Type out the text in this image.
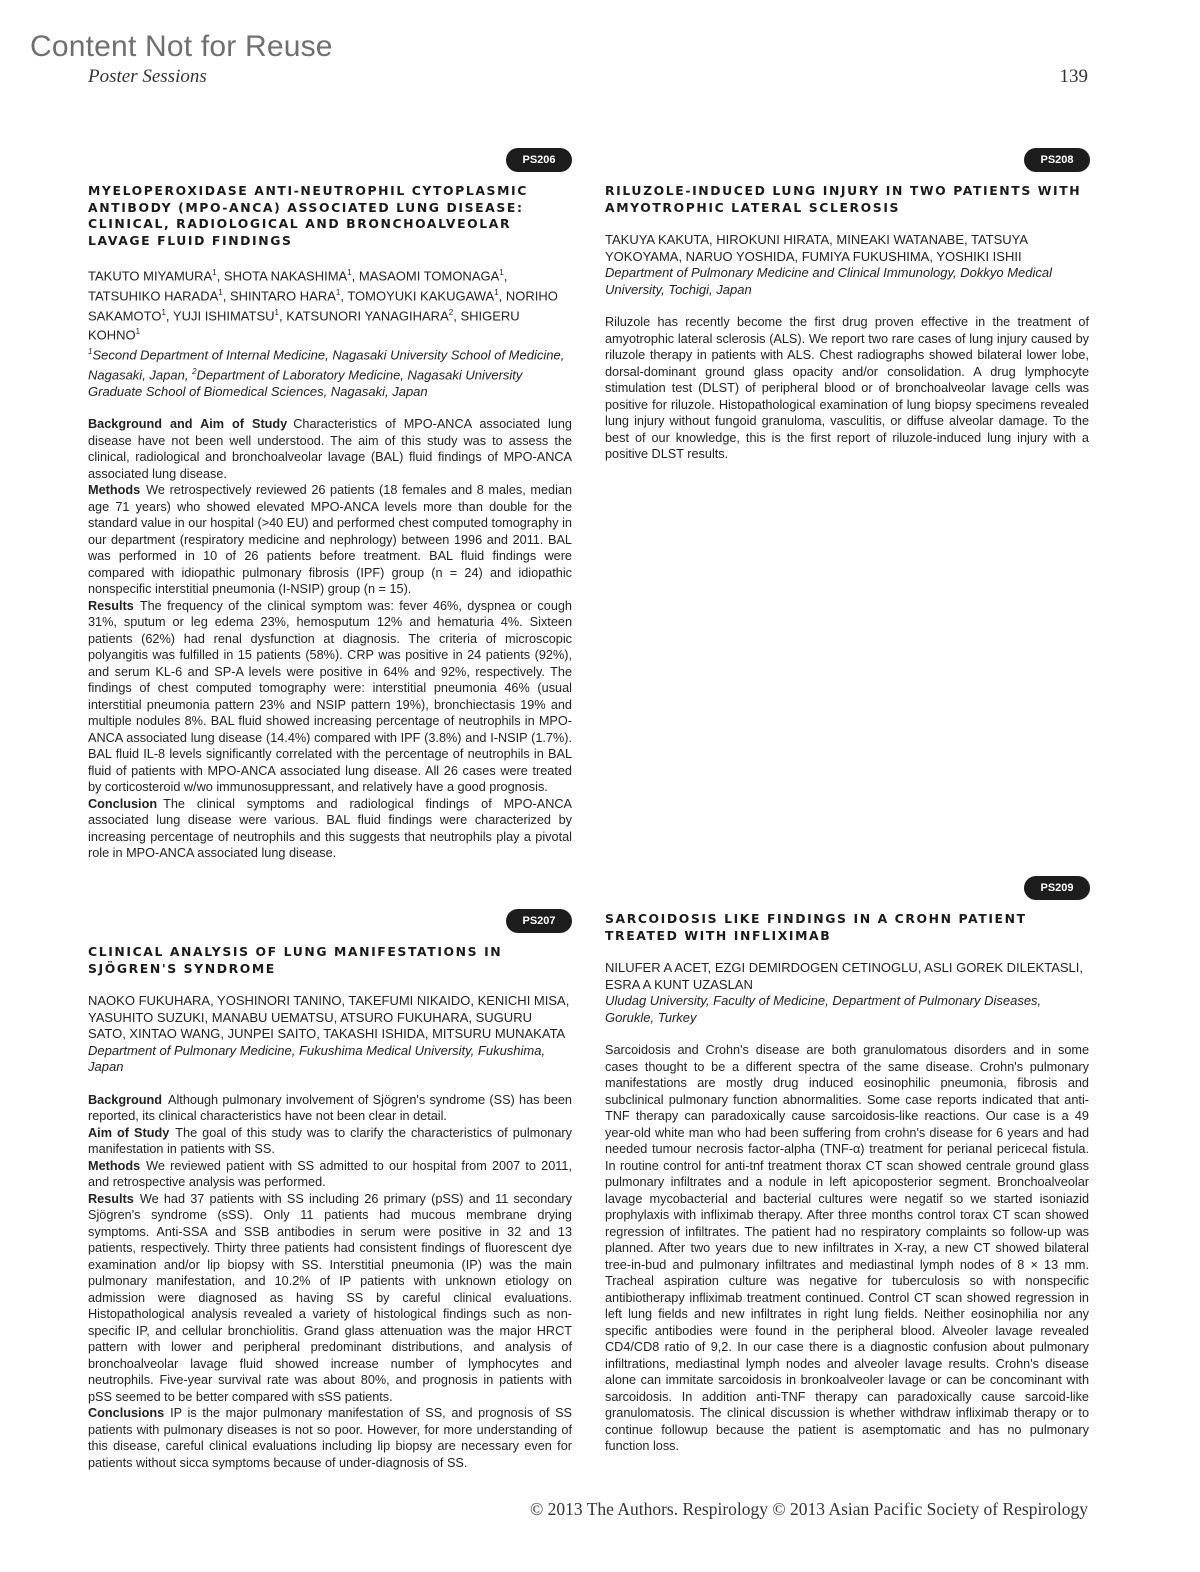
Content Not for Reuse
Poster Sessions	139
PS206
MYELOPEROXIDASE ANTI-NEUTROPHIL CYTOPLASMIC
ANTIBODY (MPO-ANCA) ASSOCIATED LUNG DISEASE:
CLINICAL, RADIOLOGICAL AND BRONCHOALVEOLAR
LAVAGE FLUID FINDINGS
TAKUTO MIYAMURA$^1$, SHOTA NAKASHIMA$^1$, MASAOMI TOMONAGA$^1$, TATSUHIKO HARADA$^1$, SHINTARO HARA$^1$, TOMOYUKI KAKUGAWA$^1$, NORIHO SAKAMOTO$^1$, YUJI ISHIMATSU$^1$, KATSUNORI YANAGIHARA$^2$, SHIGERU KOHNO$^1$
$^1$Second Department of Internal Medicine, Nagasaki University School of Medicine, Nagasaki, Japan, $^2$Department of Laboratory Medicine, Nagasaki University Graduate School of Biomedical Sciences, Nagasaki, Japan

Background and Aim of Study Characteristics of MPO-ANCA associated lung disease have not been well understood. The aim of this study was to assess the clinical, radiological and bronchoalveolar lavage (BAL) fluid findings of MPO-ANCA associated lung disease.

Methods We retrospectively reviewed 26 patients (18 females and 8 males, median age 71 years) who showed elevated MPO-ANCA levels more than double for the standard value in our hospital (>40 EU) and performed chest computed tomography in our department (respiratory medicine and nephrology) between 1996 and 2011. BAL was performed in 10 of 26 patients before treatment. BAL fluid findings were compared with idiopathic pulmonary fibrosis (IPF) group (n = 24) and idiopathic nonspecific interstitial pneumonia (I-NSIP) group (n = 15).

Results The frequency of the clinical symptom was: fever 46%, dyspnea or cough 31%, sputum or leg edema 23%, hemosputum 12% and hematuria 4%. Sixteen patients (62%) had renal dysfunction at diagnosis. The criteria of microscopic polyangitis was fulfilled in 15 patients (58%). CRP was positive in 24 patients (92%), and serum KL-6 and SP-A levels were positive in 64% and 92%, respectively. The findings of chest computed tomography were: interstitial pneumonia 46% (usual interstitial pneumonia pattern 23% and NSIP pattern 19%), bronchiectasis 19% and multiple nodules 8%. BAL fluid showed increasing percentage of neutrophils in MPO-ANCA associated lung disease (14.4%) compared with IPF (3.8%) and I-NSIP (1.7%). BAL fluid IL-8 levels significantly correlated with the percentage of neutrophils in BAL fluid of patients with MPO-ANCA associated lung disease. All 26 cases were treated by corticosteroid w/wo immunosuppressant, and relatively have a good prognosis.

Conclusion The clinical symptoms and radiological findings of MPO-ANCA associated lung disease were various. BAL fluid findings were characterized by increasing percentage of neutrophils and this suggests that neutrophils play a pivotal role in MPO-ANCA associated lung disease.

PS207
CLINICAL ANALYSIS OF LUNG MANIFESTATIONS IN
SJÖGREN'S SYNDROME
NAOKO FUKUHARA, YOSHINORI TANINO, TAKEFUMI NIKAIDO, KENICHI MISA, YASUHITO SUZUKI, MANABU UEMATSU, ATSURO FUKUHARA, SUGURU SATO, XINTAO WANG, JUNPEI SAITO, TAKASHI ISHIDA, MITSURU MUNAKATA
Department of Pulmonary Medicine, Fukushima Medical University, Fukushima, Japan

Background Although pulmonary involvement of Sjögren's syndrome (SS) has been reported, its clinical characteristics have not been clear in detail.

Aim of Study The goal of this study was to clarify the characteristics of pulmonary manifestation in patients with SS.

Methods We reviewed patient with SS admitted to our hospital from 2007 to 2011, and retrospective analysis was performed.

Results We had 37 patients with SS including 26 primary (pSS) and 11 secondary Sjögren's syndrome (sSS). Only 11 patients had mucous membrane drying symptoms. Anti-SSA and SSB antibodies in serum were positive in 32 and 13 patients, respectively. Thirty three patients had consistent findings of fluorescent dye examination and/or lip biopsy with SS. Interstitial pneumonia (IP) was the main pulmonary manifestation, and 10.2% of IP patients with unknown etiology on admission were diagnosed as having SS by careful clinical evaluations. Histopathological analysis revealed a variety of histological findings such as non-specific IP, and cellular bronchiolitis. Grand glass attenuation was the major HRCT pattern with lower and peripheral predominant distributions, and analysis of bronchoalveolar lavage fluid showed increase number of lymphocytes and neutrophils. Five-year survival rate was about 80%, and prognosis in patients with pSS seemed to be better compared with sSS patients.

Conclusions IP is the major pulmonary manifestation of SS, and prognosis of SS patients with pulmonary diseases is not so poor. However, for more understanding of this disease, careful clinical evaluations including lip biopsy are necessary even for patients without sicca symptoms because of under-diagnosis of SS.

PS208
RILUZOLE-INDUCED LUNG INJURY IN TWO PATIENTS WITH
AMYOTROPHIC LATERAL SCLEROSIS
TAKUYA KAKUTA, HIROKUNI HIRATA, MINEAKI WATANABE, TATSUYA YOKOYAMA, NARUO YOSHIDA, FUMIYA FUKUSHIMA, YOSHIKI ISHII
Department of Pulmonary Medicine and Clinical Immunology, Dokkyo Medical University, Tochigi, Japan

Riluzole has recently become the first drug proven effective in the treatment of amyotrophic lateral sclerosis (ALS). We report two rare cases of lung injury caused by riluzole therapy in patients with ALS. Chest radiographs showed bilateral lower lobe, dorsal-dominant ground glass opacity and/or consolidation. A drug lymphocyte stimulation test (DLST) of peripheral blood or of bronchoalveolar lavage cells was positive for riluzole. Histopathological examination of lung biopsy specimens revealed lung injury without fungoid granuloma, vasculitis, or diffuse alveolar damage. To the best of our knowledge, this is the first report of riluzole-induced lung injury with a positive DLST results.

PS209
SARCOIDOSIS LIKE FINDINGS IN A CROHN PATIENT
TREATED WITH INFLIXIMAB
NILUFER A ACET, EZGI DEMIRDOGEN CETINOGLU, ASLI GOREK DILEKTASLI, ESRA A KUNT UZASLAN
Uludag University, Faculty of Medicine, Department of Pulmonary Diseases, Gorukle, Turkey

Sarcoidosis and Crohn's disease are both granulomatous disorders and in some cases thought to be a different spectra of the same disease. Crohn's pulmonary manifestations are mostly drug induced eosinophilic pneumonia, fibrosis and subclinical pulmonary function abnormalities. Some case reports indicated that anti-TNF therapy can paradoxically cause sarcoidosis-like reactions. Our case is a 49 year-old white man who had been suffering from crohn's disease for 6 years and had needed tumour necrosis factor-alpha (TNF-α) treatment for perianal pericecal fistula. In routine control for anti-tnf treatment thorax CT scan showed centrale ground glass pulmonary infiltrates and a nodule in left apicoposterior segment. Bronchoalveolar lavage mycobacterial and bacterial cultures were negatif so we started isoniazid prophylaxis with infliximab therapy. After three months control torax CT scan showed regression of infiltrates. The patient had no respiratory complaints so follow-up was planned. After two years due to new infiltrates in X-ray, a new CT showed bilateral tree-in-bud and pulmonary infiltrates and mediastinal lymph nodes of 8 × 13 mm. Tracheal aspiration culture was negative for tuberculosis so with nonspecific antibiotherapy infliximab treatment continued. Control CT scan showed regression in left lung fields and new infiltrates in right lung fields. Neither eosinophilia nor any specific antibodies were found in the peripheral blood. Alveoler lavage revealed CD4/CD8 ratio of 9,2. In our case there is a diagnostic confusion about pulmonary infiltrations, mediastinal lymph nodes and alveoler lavage results. Crohn's disease alone can immitate sarcoidosis in bronkoalveoler lavage or can be concominant with sarcoidosis. In addition anti-TNF therapy can paradoxically cause sarcoid-like granulomatosis. The clinical discussion is whether withdraw infliximab therapy or to continue followup because the patient is asemptomatic and has no pulmonary function loss.

© 2013 The Authors. Respirology © 2013 Asian Pacific Society of Respirology
